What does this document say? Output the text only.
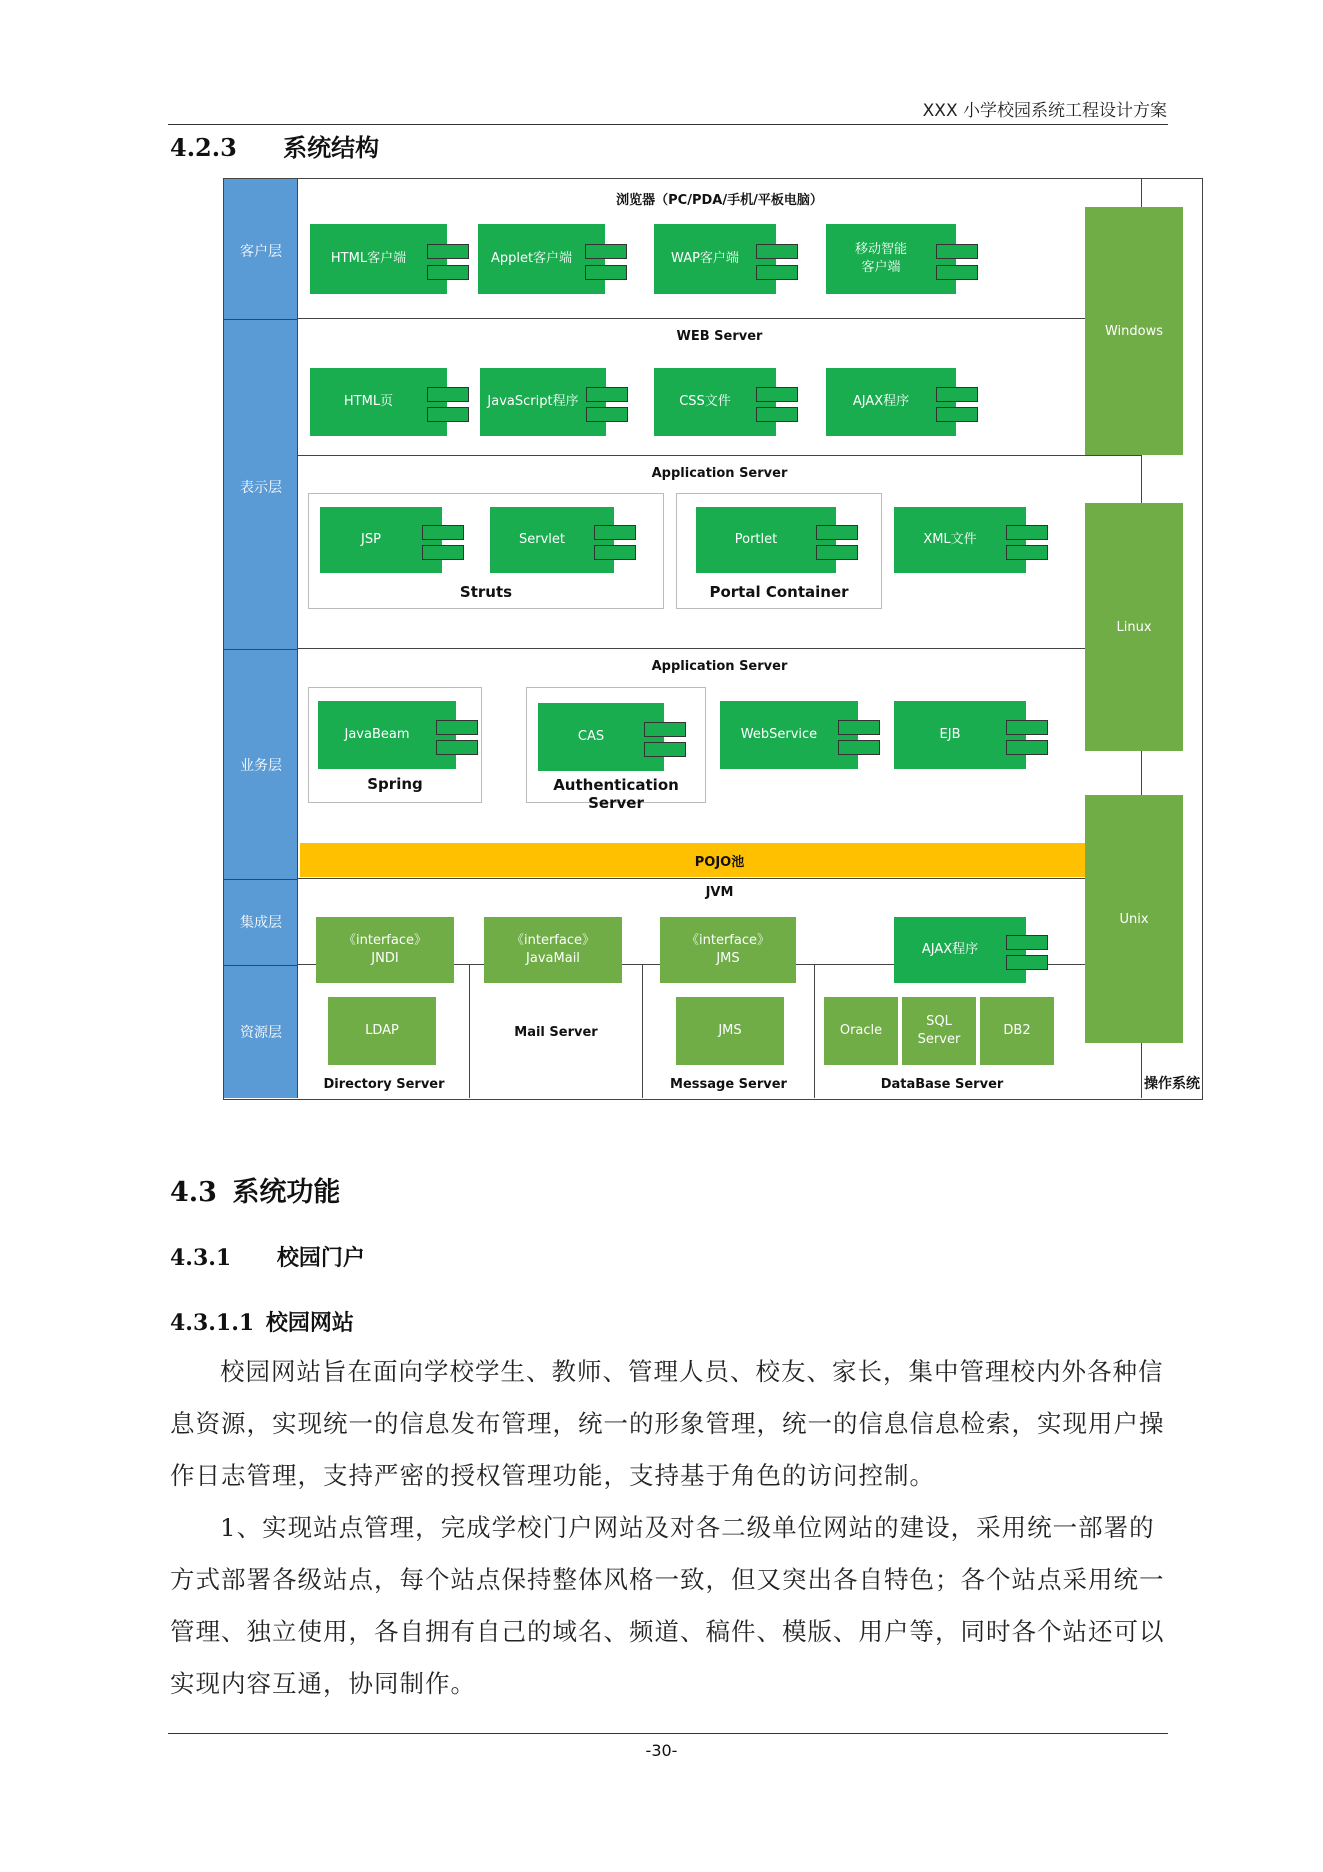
XXX 小学校园系统工程设计方案
4.2.3 系统结构
客户层
表示层
业务层
集成层
资源层
浏览器（PC/PDA/手机/平板电脑）
HTML客户端	Applet客户端	WAP客户端
移动智能
客户端
WEB Server
HTML页	JavaScript程序	CSS文件	AJAX程序
Application Server
JSP	Servlet
Struts
Portlet
Portal Container
XML文件
Application Server
JavaBeam
Spring
CAS
Authentication Server
WebService	EJB
POJO池
JVM
《interface》
JNDI
《interface》
JavaMail
《interface》
JMS
AJAX程序
LDAP
Directory Server
Mail Server	JMS
Message Server
Oracle
SQL
Server
DB2
DataBase Server
Windows
Linux
Unix
操作系统
4.3 系统功能
4.3.1 校园门户
4.3.1.1 校园网站
校园网站旨在面向学校学生、教师、管理人员、校友、家长，集中管理校内外各种信息资源，实现统一的信息发布管理，统一的形象管理，统一的信息信息检索，实现用户操作日志管理，支持严密的授权管理功能，支持基于角色的访问控制。
1、实现站点管理，完成学校门户网站及对各二级单位网站的建设，采用统一部署的方式部署各级站点，每个站点保持整体风格一致，但又突出各自特色；各个站点采用统一管理、独立使用，各自拥有自己的域名、频道、稿件、模版、用户等，同时各个站还可以实现内容互通，协同制作。
-30-
